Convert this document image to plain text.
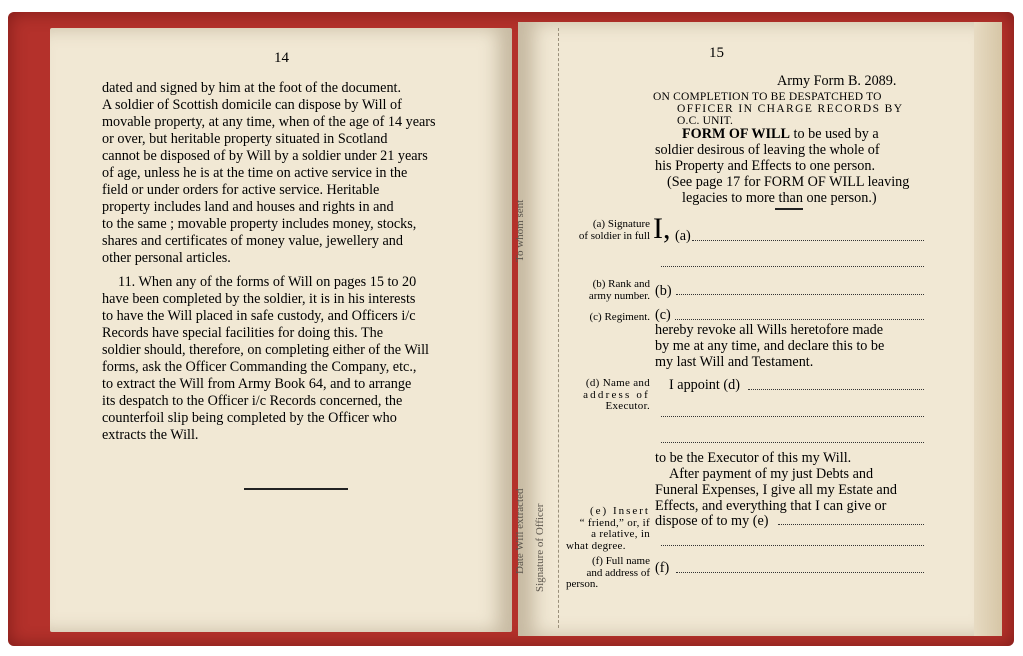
14
dated and signed by him at the foot of the document.
A soldier of Scottish domicile can dispose by Will of
movable property, at any time, when of the age of 14 years
or over, but heritable property situated in Scotland
cannot be disposed of by Will by a soldier under 21 years
of age, unless he is at the time on active service in the
field or under orders for active service. Heritable
property includes land and houses and rights in and
to the same ; movable property includes money, stocks,
shares and certificates of money value, jewellery and
other personal articles.
11. When any of the forms of Will on pages 15 to 20
have been completed by the soldier, it is in his interests
to have the Will placed in safe custody, and Officers i/c
Records have special facilities for doing this. The
soldier should, therefore, on completing either of the Will
forms, ask the Officer Commanding the Company, etc.,
to extract the Will from Army Book 64, and to arrange
its despatch to the Officer i/c Records concerned, the
counterfoil slip being completed by the Officer who
extracts the Will.
To whom sent
Date Will extracted Signature of Officer
15
Army Form B. 2089.
ON COMPLETION TO BE DESPATCHED TO
OFFICER IN CHARGE RECORDS BY
O.C. UNIT.
FORM OF WILL to be used by a
soldier desirous of leaving the whole of
his Property and Effects to one person.
(See page 17 for FORM OF WILL leaving
legacies to more than one person.)
(a) Signature
of soldier in full I, (a)
(b) Rank and
army number. (b)
(c) Regiment. (c)
hereby revoke all Wills heretofore made
by me at any time, and declare this to be
my last Will and Testament.
(d) Name and
address of
Executor.
I appoint (d)
to be the Executor of this my Will.
After payment of my just Debts and
Funeral Expenses, I give all my Estate and
Effects, and everything that I can give or
dispose of to my (e)
(e) Insert
“ friend,” or, if
a relative, in
what degree.
(f) Full name
and address of
person.
(f)
